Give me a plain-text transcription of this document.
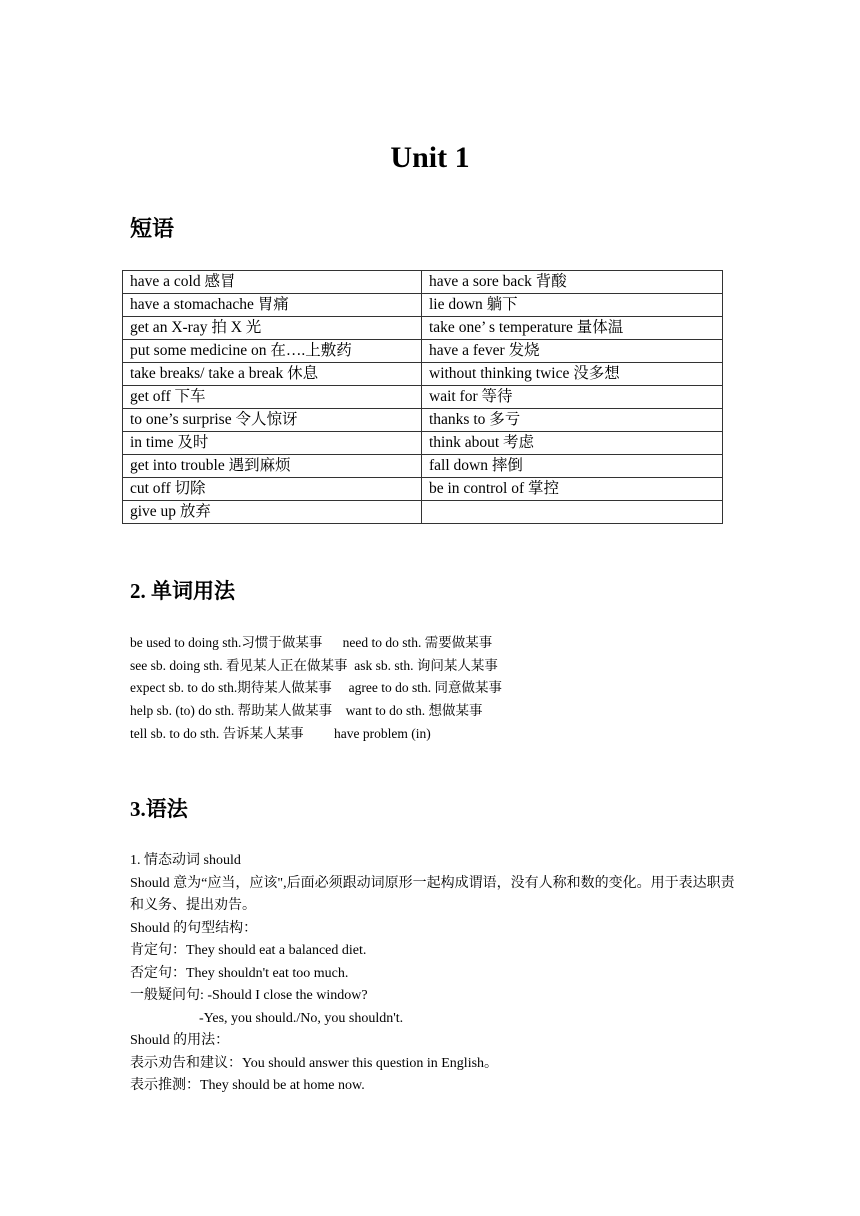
Unit 1
短语
have a cold 感冒	have a sore back 背酸
have a stomachache 胃痛	lie down 躺下
get an X-ray 拍 X 光	take one’ s temperature 量体温
put some medicine on 在….上敷药	have a fever 发烧
take breaks/ take a break 休息	without thinking twice 没多想
get off 下车	wait for 等待
to one’s surprise 令人惊讶	thanks to 多亏
in time 及时	think about 考虑
get into trouble 遇到麻烦	fall down 摔倒
cut off 切除	be in control of 掌控
give up 放弃	
2. 单词用法
be used to doing sth.习惯于做某事      need to do sth. 需要做某事
see sb. doing sth. 看见某人正在做某事  ask sb. sth. 询问某人某事
expect sb. to do sth.期待某人做某事     agree to do sth. 同意做某事
help sb. (to) do sth. 帮助某人做某事    want to do sth. 想做某事
tell sb. to do sth. 告诉某人某事         have problem (in)
3.语法
1. 情态动词 should
Should 意为“应当，应该",后面必须跟动词原形一起构成谓语，没有人称和数的变化。用于表达职责和义务、提出劝告。
Should 的句型结构：
肯定句：They should eat a balanced diet.
否定句：They shouldn't eat too much.
一般疑问句: -Should I close the window?
-Yes, you should./No, you shouldn't.
Should 的用法：
表示劝告和建议：You should answer this question in English。
表示推测：They should be at home now.
